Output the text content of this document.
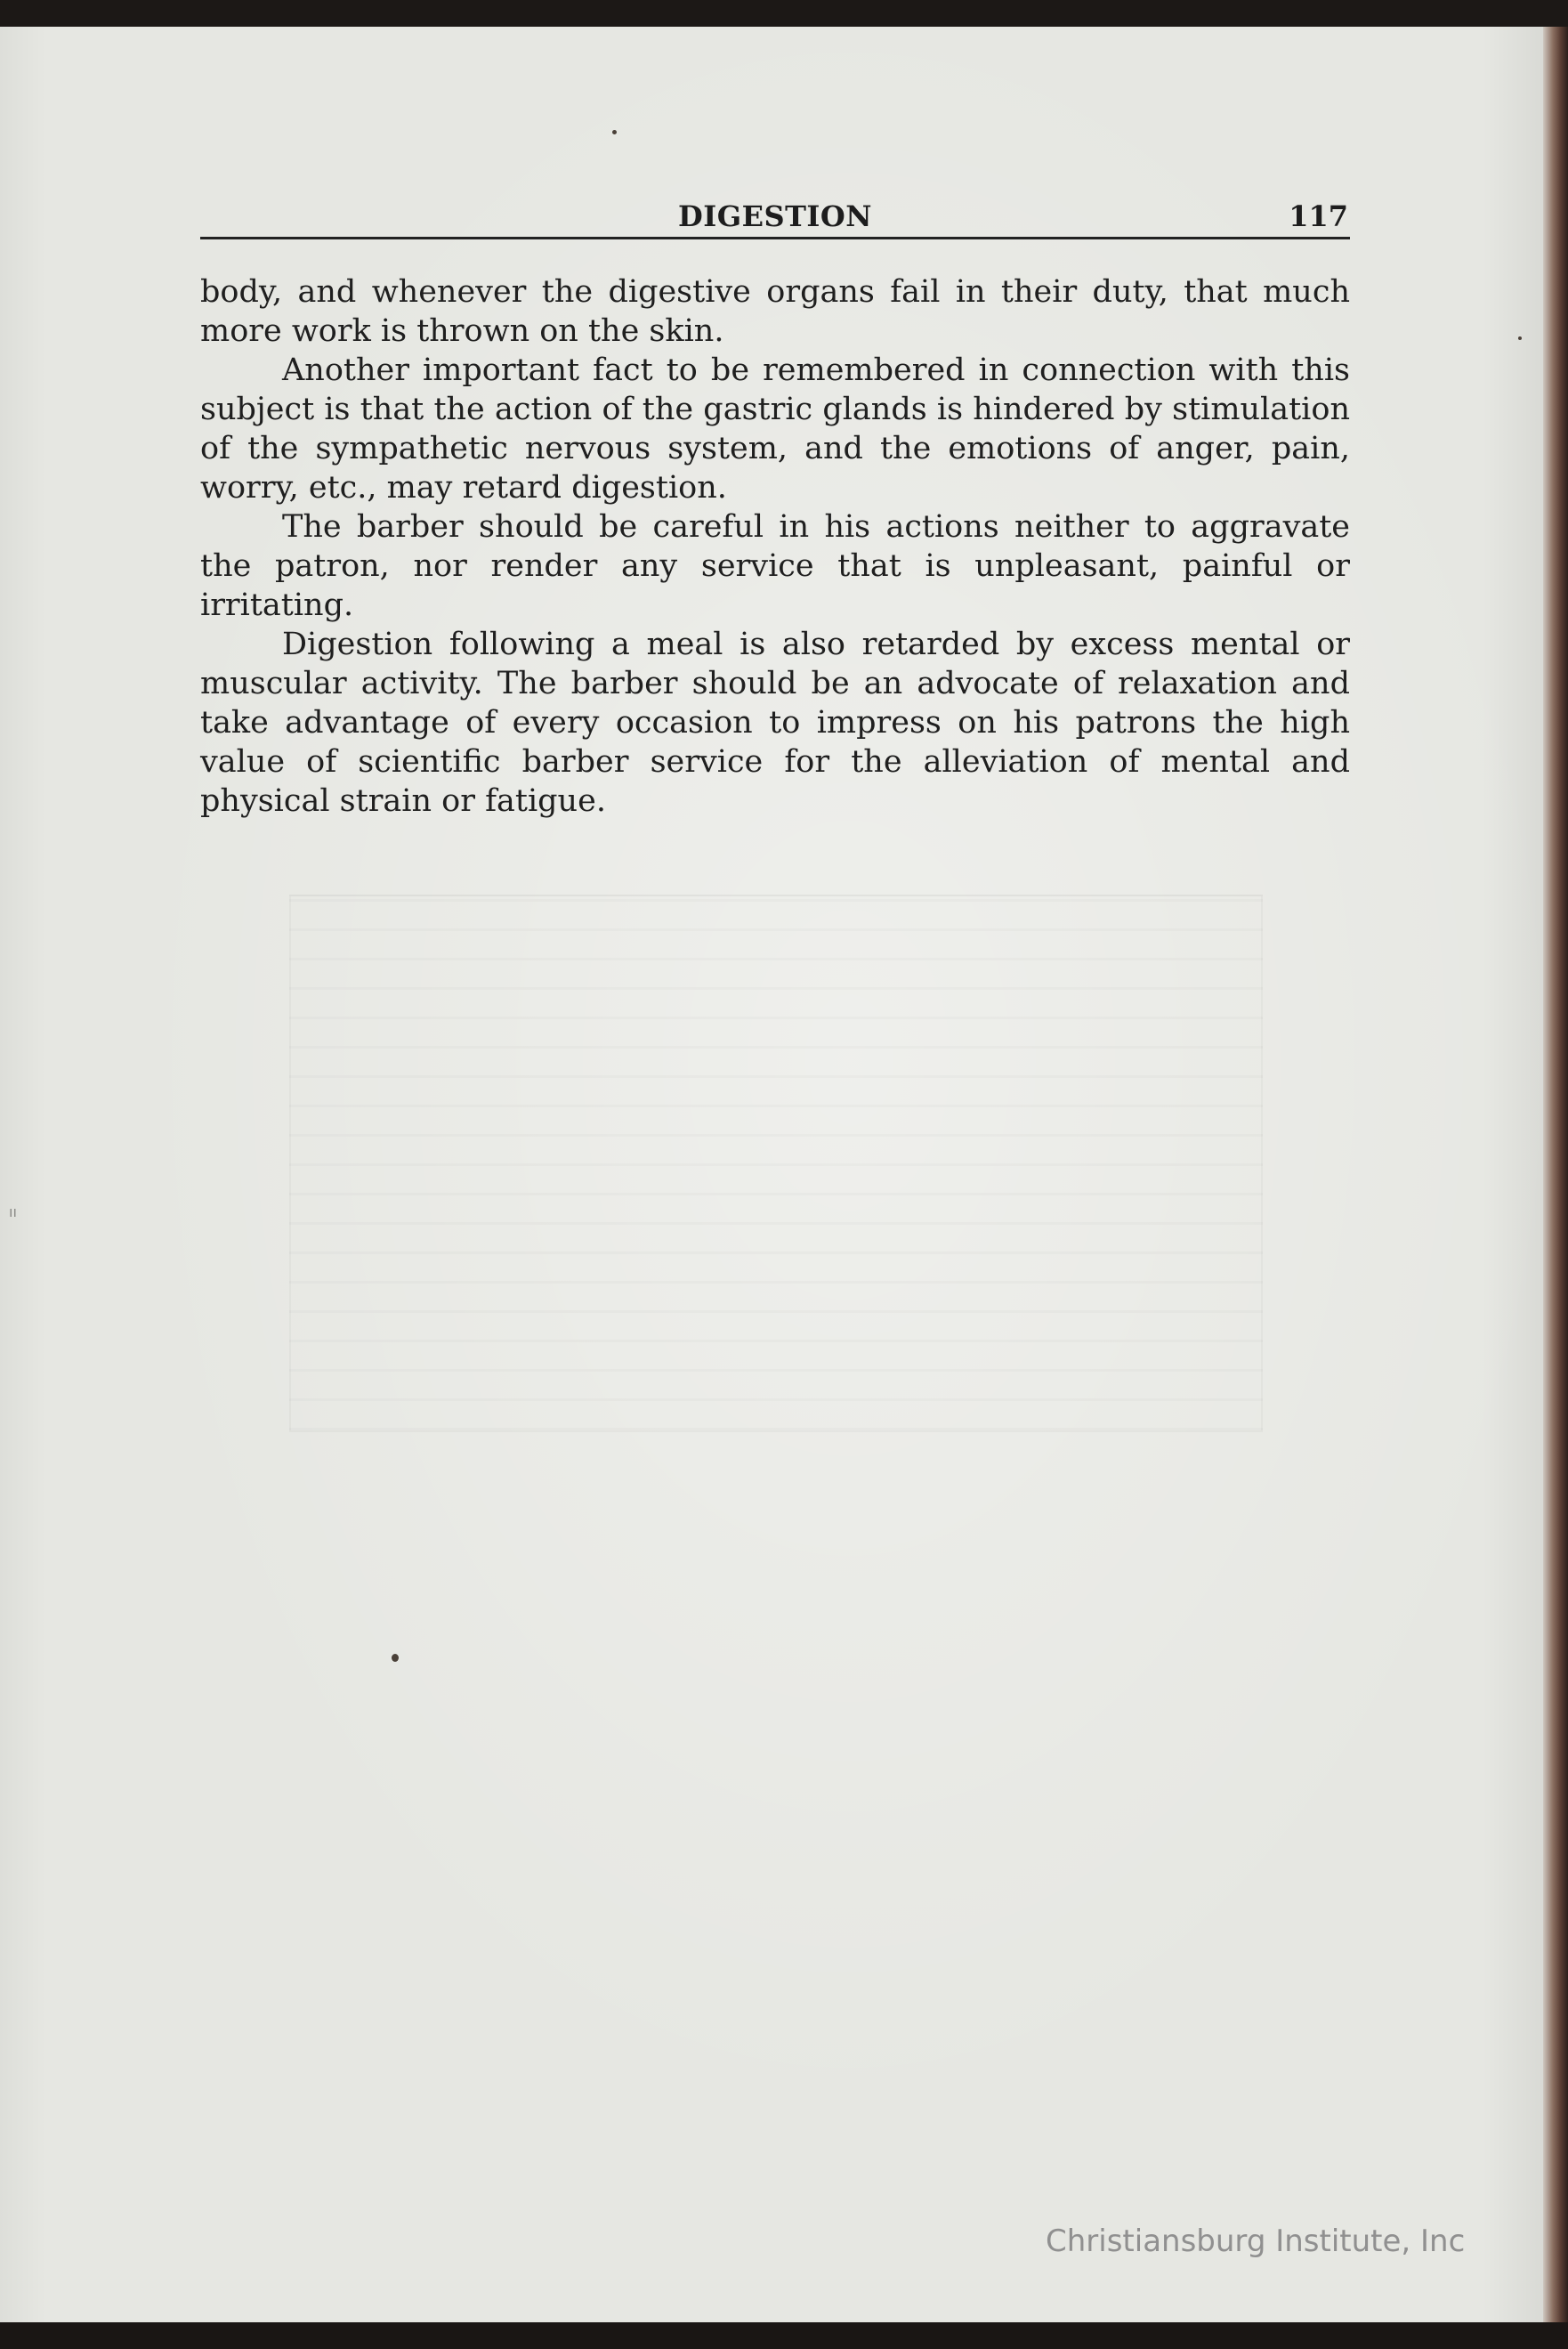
DIGESTION	117

body, and whenever the digestive organs fail in their duty, that much more work is thrown on the skin.

Another important fact to be remembered in connection with this subject is that the action of the gastric glands is hindered by stimulation of the sympathetic nervous system, and the emotions of anger, pain, worry, etc., may retard digestion.

The barber should be careful in his actions neither to aggravate the patron, nor render any service that is unpleasant, painful or irritating.

Digestion following a meal is also retarded by excess mental or muscular activity. The barber should be an advocate of relaxation and take advantage of every occasion to impress on his patrons the high value of scientific barber service for the alleviation of mental and physical strain or fatigue.

ıı
Christiansburg Institute, Inc
